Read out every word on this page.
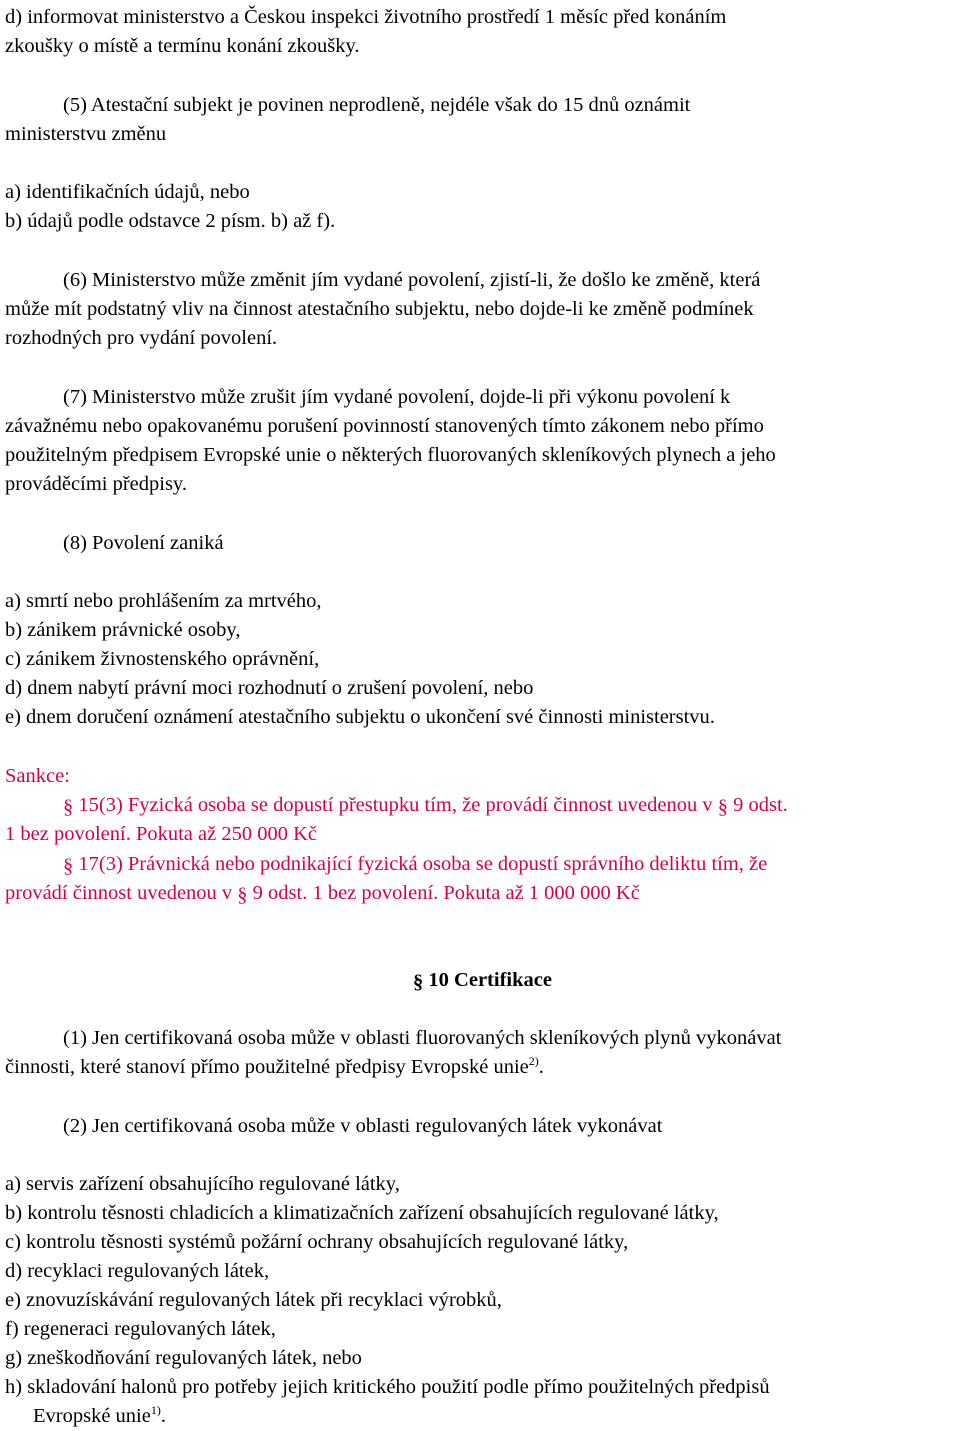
d) informovat ministerstvo a Českou inspekci životního prostředí 1 měsíc před konáním
zkoušky o místě a termínu konání zkoušky.
(5) Atestační subjekt je povinen neprodleně, nejdéle však do 15 dnů oznámit
ministerstvu změnu
a) identifikačních údajů, nebo
b) údajů podle odstavce 2 písm. b) až f).
(6) Ministerstvo může změnit jím vydané povolení, zjistí-li, že došlo ke změně, která
může mít podstatný vliv na činnost atestačního subjektu, nebo dojde-li ke změně podmínek
rozhodných pro vydání povolení.
(7) Ministerstvo může zrušit jím vydané povolení, dojde-li při výkonu povolení k
závažnému nebo opakovanému porušení povinností stanovených tímto zákonem nebo přímo
použitelným předpisem Evropské unie o některých fluorovaných skleníkových plynech a jeho
prováděcími předpisy.
(8) Povolení zaniká
a) smrtí nebo prohlášením za mrtvého,
b) zánikem právnické osoby,
c) zánikem živnostenského oprávnění,
d) dnem nabytí právní moci rozhodnutí o zrušení povolení, nebo
e) dnem doručení oznámení atestačního subjektu o ukončení své činnosti ministerstvu.
Sankce:
§ 15(3) Fyzická osoba se dopustí přestupku tím, že provádí činnost uvedenou v § 9 odst.
1 bez povolení. Pokuta až 250 000 Kč
§ 17(3) Právnická nebo podnikající fyzická osoba se dopustí správního deliktu tím, že
provádí činnost uvedenou v § 9 odst. 1 bez povolení. Pokuta až 1 000 000 Kč
§ 10 Certifikace
(1) Jen certifikovaná osoba může v oblasti fluorovaných skleníkových plynů vykonávat
činnosti, které stanoví přímo použitelné předpisy Evropské unie$^{2)}$.
(2) Jen certifikovaná osoba může v oblasti regulovaných látek vykonávat
a) servis zařízení obsahujícího regulované látky,
b) kontrolu těsnosti chladicích a klimatizačních zařízení obsahujících regulované látky,
c) kontrolu těsnosti systémů požární ochrany obsahujících regulované látky,
d) recyklaci regulovaných látek,
e) znovuzískávání regulovaných látek při recyklaci výrobků,
f) regeneraci regulovaných látek,
g) zneškodňování regulovaných látek, nebo
h) skladování halonů pro potřeby jejich kritického použití podle přímo použitelných předpisů
Evropské unie$^{1)}$.
